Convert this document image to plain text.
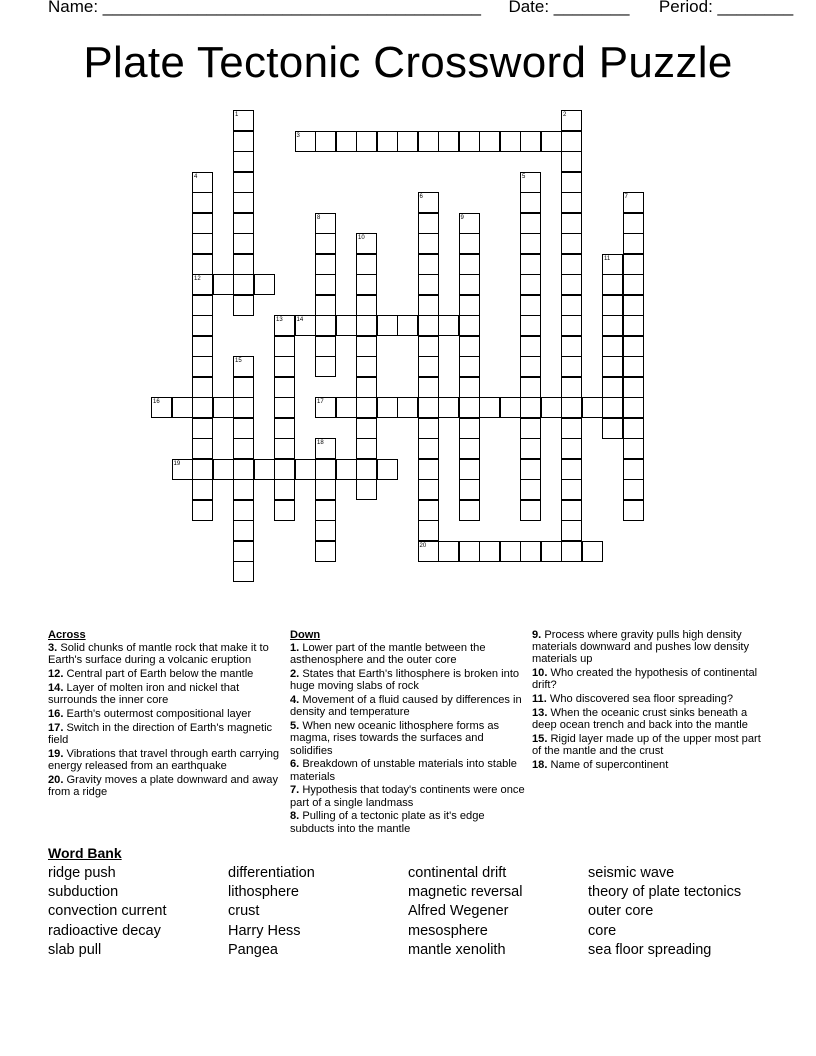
Name: ________________________________________ Date: ________ Period: ________
Plate Tectonic Crossword Puzzle
1	2
3
4
12
5
6
20
7
8	9
10
11
13 14
15
16	17
18
19
Across
3. Solid chunks of mantle rock that make it to Earth's surface during a volcanic eruption
12. Central part of Earth below the mantle
14. Layer of molten iron and nickel that surrounds the inner core
16. Earth's outermost compositional layer
17. Switch in the direction of Earth's magnetic field
19. Vibrations that travel through earth carrying energy released from an earthquake
20. Gravity moves a plate downward and away from a ridge
Down
1. Lower part of the mantle between the asthenosphere and the outer core
2. States that Earth's lithosphere is broken into huge moving slabs of rock
4. Movement of a fluid caused by differences in density and temperature
5. When new oceanic lithosphere forms as magma, rises towards the surfaces and solidifies
6. Breakdown of unstable materials into stable materials
7. Hypothesis that today's continents were once part of a single landmass
8. Pulling of a tectonic plate as it's edge subducts into the mantle
9. Process where gravity pulls high density materials downward and pushes low density materials up
10. Who created the hypothesis of continental drift?
11. Who discovered sea floor spreading?
13. When the oceanic crust sinks beneath a deep ocean trench and back into the mantle
15. Rigid layer made up of the upper most part of the mantle and the crust
18. Name of supercontinent
Word Bank
ridge push
subduction
convection current
radioactive decay
slab pull
differentiation
lithosphere
crust
Harry Hess
Pangea
continental drift
magnetic reversal
Alfred Wegener
mesosphere
mantle xenolith
seismic wave
theory of plate tectonics
outer core
core
sea floor spreading
